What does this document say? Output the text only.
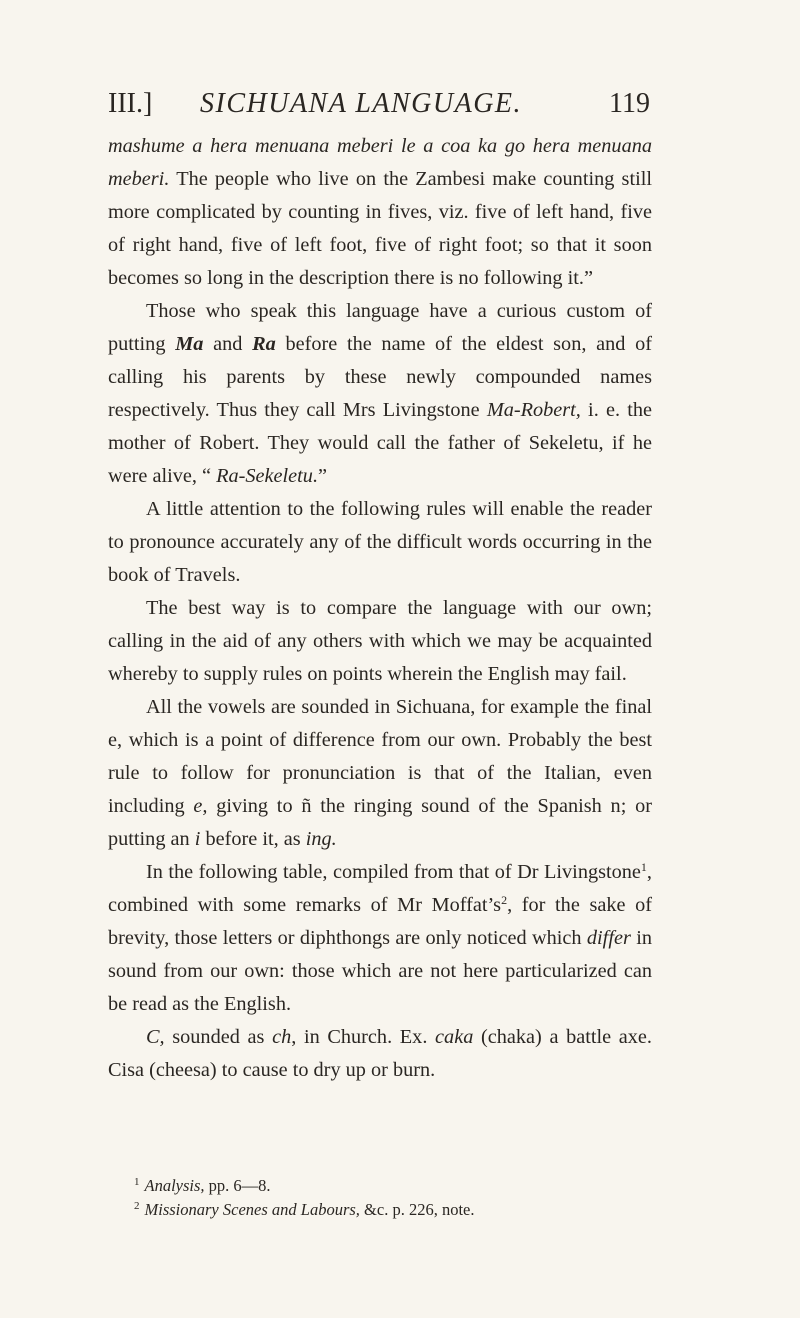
III.] SICHUANA LANGUAGE.	119

mashume a hera menuana meberi le a coa ka go hera menuana meberi. The people who live on the Zambesi make counting still more complicated by counting in fives, viz. five of left hand, five of right hand, five of left foot, five of right foot; so that it soon becomes so long in the description there is no following it.”

Those who speak this language have a curious custom of putting Ma and Ra before the name of the eldest son, and of calling his parents by these newly compounded names respectively. Thus they call Mrs Livingstone Ma-Robert, i. e. the mother of Robert. They would call the father of Sekeletu, if he were alive, “ Ra-Sekeletu.”

A little attention to the following rules will enable the reader to pronounce accurately any of the difficult words occurring in the book of Travels.

The best way is to compare the language with our own; calling in the aid of any others with which we may be acquainted whereby to supply rules on points wherein the English may fail.

All the vowels are sounded in Sichuana, for example the final e, which is a point of difference from our own. Probably the best rule to follow for pronunciation is that of the Italian, even including e, giving to ñ the ringing sound of the Spanish n; or putting an i before it, as ing.

In the following table, compiled from that of Dr Livingstone$^1$, combined with some remarks of Mr $Moffat’s^2$, for the sake of brevity, those letters or diphthongs are only noticed which differ in sound from our own: those which are not here particularized can be read as the English.

C, sounded as ch, in Church. Ex. caka (chaka) a battle axe. Cisa (cheesa) to cause to dry up or burn.

$^1$ Analysis, pp. 6—8.
$^2$ Missionary Scenes and Labours, &c. p. 226, note.
